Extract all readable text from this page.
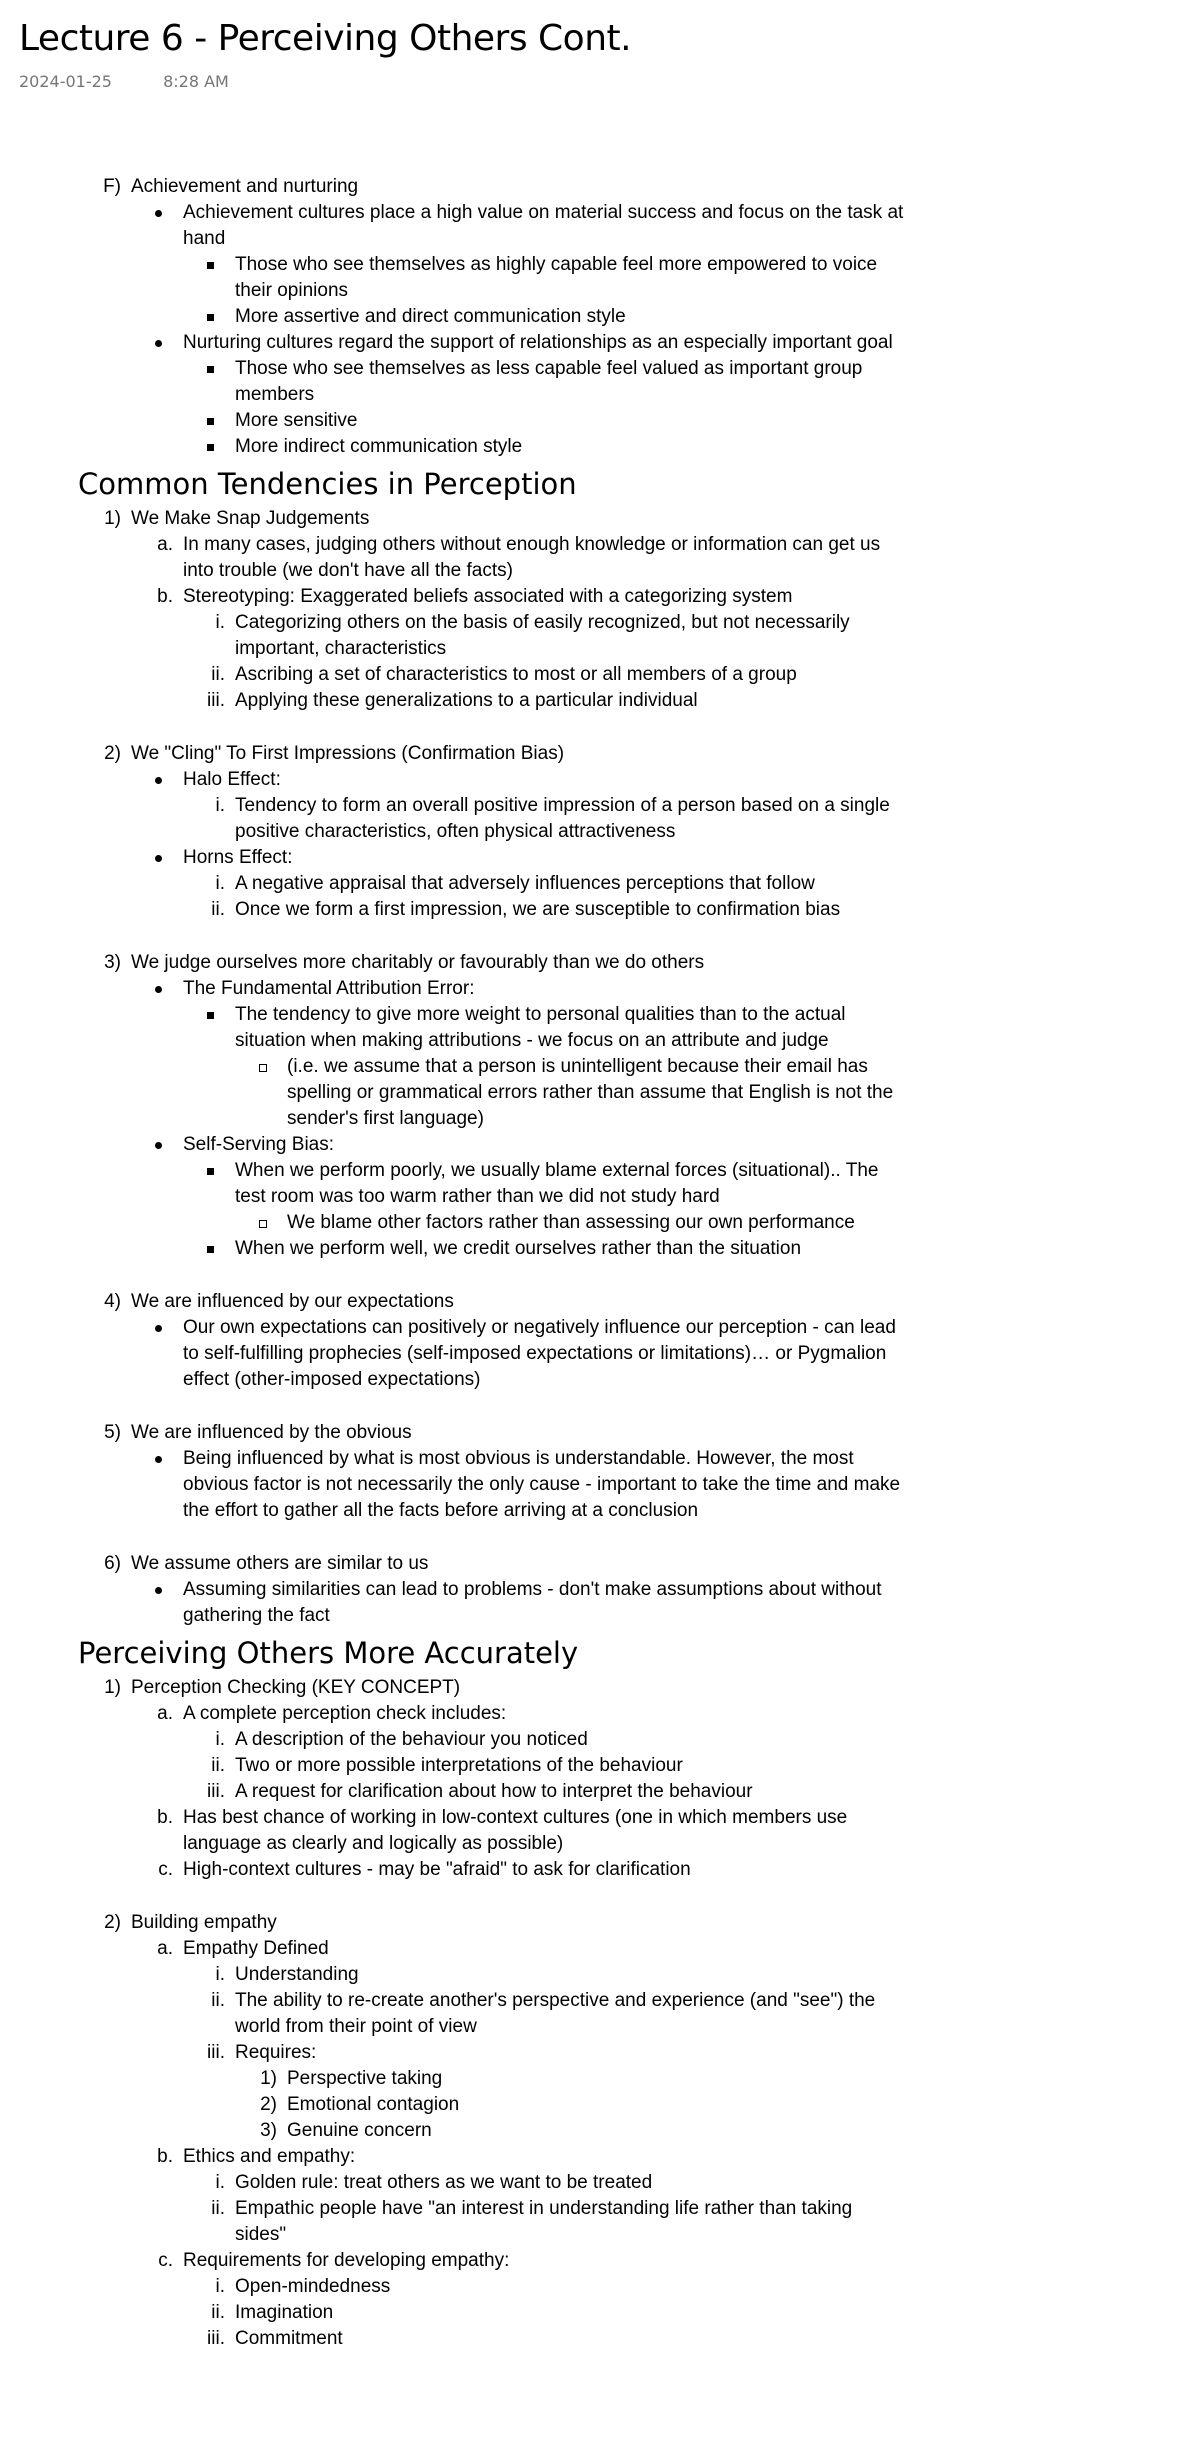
Lecture 6 - Perceiving Others Cont.
2024-01-25	8:28 AM
F) Achievement and nurturing
Achievement cultures place a high value on material success and focus on the task at hand
Those who see themselves as highly capable feel more empowered to voice their opinions
More assertive and direct communication style
Nurturing cultures regard the support of relationships as an especially important goal
Those who see themselves as less capable feel valued as important group members
More sensitive
More indirect communication style
Common Tendencies in Perception
1) We Make Snap Judgements
a. In many cases, judging others without enough knowledge or information can get us into trouble (we don't have all the facts)
b. Stereotyping: Exaggerated beliefs associated with a categorizing system
i. Categorizing others on the basis of easily recognized, but not necessarily important, characteristics
ii. Ascribing a set of characteristics to most or all members of a group
iii. Applying these generalizations to a particular individual
2) We "Cling" To First Impressions (Confirmation Bias)
Halo Effect:
i. Tendency to form an overall positive impression of a person based on a single positive characteristics, often physical attractiveness
Horns Effect:
i. A negative appraisal that adversely influences perceptions that follow
ii. Once we form a first impression, we are susceptible to confirmation bias
3) We judge ourselves more charitably or favourably than we do others
The Fundamental Attribution Error:
The tendency to give more weight to personal qualities than to the actual situation when making attributions - we focus on an attribute and judge
(i.e. we assume that a person is unintelligent because their email has spelling or grammatical errors rather than assume that English is not the sender's first language)
Self-Serving Bias:
When we perform poorly, we usually blame external forces (situational).. The test room was too warm rather than we did not study hard
We blame other factors rather than assessing our own performance
When we perform well, we credit ourselves rather than the situation
4) We are influenced by our expectations
Our own expectations can positively or negatively influence our perception - can lead to self-fulfilling prophecies (self-imposed expectations or limitations)… or Pygmalion effect (other-imposed expectations)
5) We are influenced by the obvious
Being influenced by what is most obvious is understandable. However, the most obvious factor is not necessarily the only cause - important to take the time and make the effort to gather all the facts before arriving at a conclusion
6) We assume others are similar to us
Assuming similarities can lead to problems - don't make assumptions about without gathering the fact
Perceiving Others More Accurately
1) Perception Checking (KEY CONCEPT)
a. A complete perception check includes:
i. A description of the behaviour you noticed
ii. Two or more possible interpretations of the behaviour
iii. A request for clarification about how to interpret the behaviour
b. Has best chance of working in low-context cultures (one in which members use language as clearly and logically as possible)
c. High-context cultures - may be "afraid" to ask for clarification
2) Building empathy
a. Empathy Defined
i. Understanding
ii. The ability to re-create another's perspective and experience (and "see") the world from their point of view
iii. Requires:
1) Perspective taking
2) Emotional contagion
3) Genuine concern
b. Ethics and empathy:
i. Golden rule: treat others as we want to be treated
ii. Empathic people have "an interest in understanding life rather than taking sides"
c. Requirements for developing empathy:
i. Open-mindedness
ii. Imagination
iii. Commitment
